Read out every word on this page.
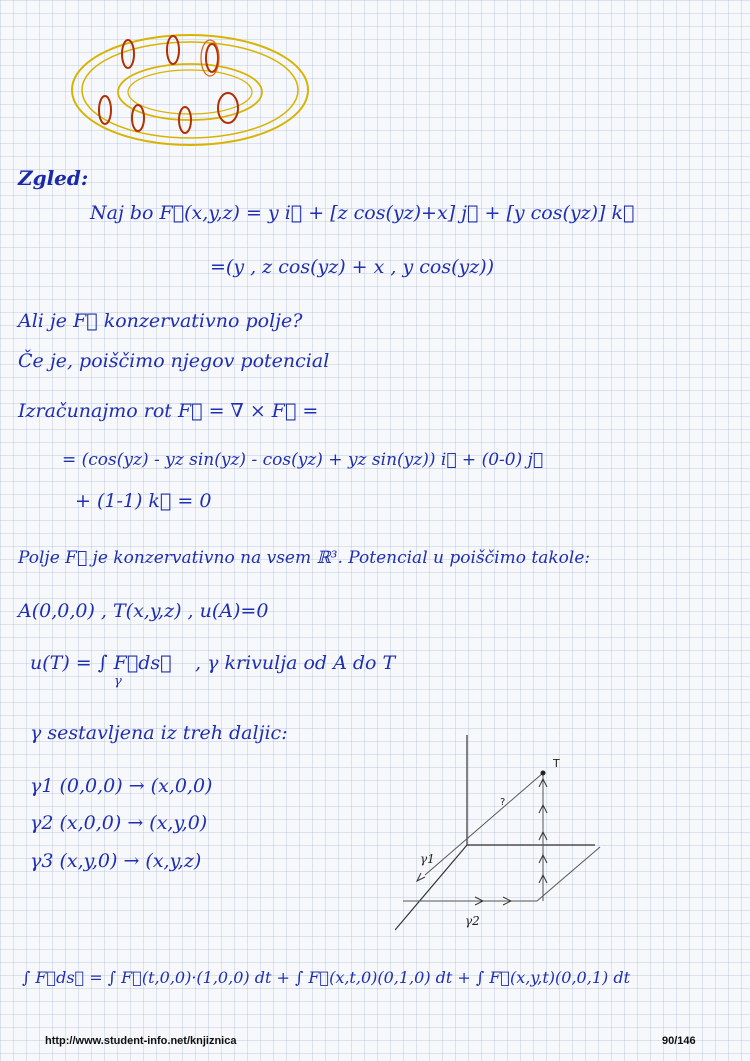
Zgled:
Naj bo F⃗(x,y,z) = y i⃗ + [z cos(yz)+x] j⃗ + [y cos(yz)] k⃗
=(y , z cos(yz) + x , y cos(yz))
Ali je F⃗ konzervativno polje?
Če je, poiščimo njegov potencial
Izračunajmo rot F⃗ = ∇ × F⃗ =
= (cos(yz) - yz sin(yz) - cos(yz) + yz sin(yz)) i⃗ + (0-0) j⃗
+ (1-1) k⃗ = 0
Polje F⃗ je konzervativno na vsem ℝ³. Potencial u poiščimo takole:
A(0,0,0) , T(x,y,z) , u(A)=0
u(T) = ∫ F⃗ds⃗
γ
, γ krivulja od A do T
γ sestavljena iz treh daljic:
γ1 (0,0,0) → (x,0,0)
γ2 (x,0,0) → (x,y,0)
γ3 (x,y,0) → (x,y,z)
T
?
γ1
γ2
∫ F⃗ds⃗ = ∫ F⃗(t,0,0)·(1,0,0) dt + ∫ F⃗(x,t,0)(0,1,0) dt + ∫ F⃗(x,y,t)(0,0,1) dt
http://www.student-info.net/knjiznica	90/146
